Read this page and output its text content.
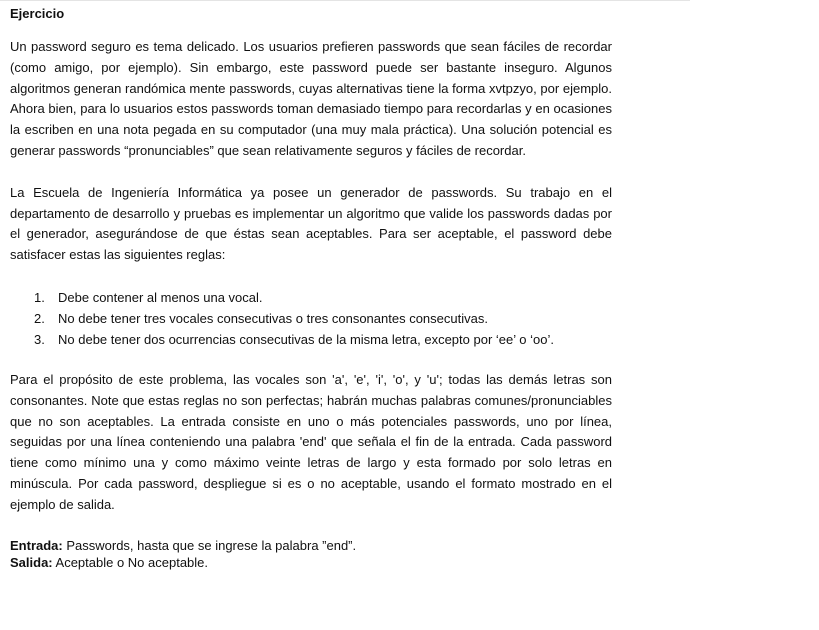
Ejercicio

Un password seguro es tema delicado. Los usuarios prefieren passwords que sean fáciles de recordar (como amigo, por ejemplo). Sin embargo, este password puede ser bastante inseguro. Algunos algoritmos generan randómica mente passwords, cuyas alternativas tiene la forma xvtpzyo, por ejemplo. Ahora bien, para lo usuarios estos passwords toman demasiado tiempo para recordarlas y en ocasiones la escriben en una nota pegada en su computador (una muy mala práctica). Una solución potencial es generar passwords “pronunciables” que sean relativamente seguros y fáciles de recordar.

La Escuela de Ingeniería Informática ya posee un generador de passwords. Su trabajo en el departamento de desarrollo y pruebas es implementar un algoritmo que valide los passwords dadas por el generador, asegurándose de que éstas sean aceptables. Para ser aceptable, el password debe satisfacer estas las siguientes reglas:

1.	Debe contener al menos una vocal.
2.	No debe tener tres vocales consecutivas o tres consonantes consecutivas.
3.	No debe tener dos ocurrencias consecutivas de la misma letra, excepto por ‘ee’ o ‘oo’.

Para el propósito de este problema, las vocales son 'a', 'e', 'i', 'o', y 'u'; todas las demás letras son consonantes. Note que estas reglas no son perfectas; habrán muchas palabras comunes/pronunciables que no son aceptables. La entrada consiste en uno o más potenciales passwords, uno por línea, seguidas por una línea conteniendo una palabra 'end' que señala el fin de la entrada. Cada password tiene como mínimo una y como máximo veinte letras de largo y esta formado por solo letras en minúscula. Por cada password, despliegue si es o no aceptable, usando el formato mostrado en el ejemplo de salida.

Entrada: Passwords, hasta que se ingrese la palabra ”end”.

Salida: Aceptable o No aceptable.
